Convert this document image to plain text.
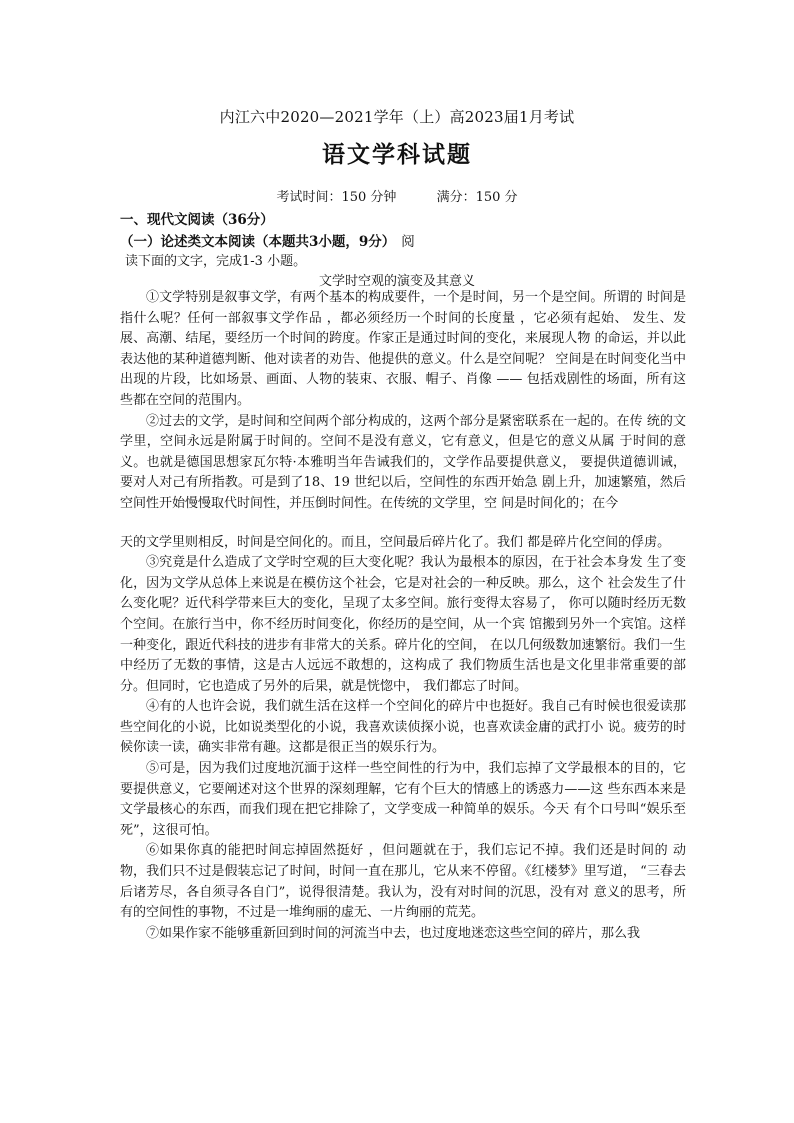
内江六中2020—2021学年（上）高2023届1月考试
语文学科试题
考试时间：150 分钟	满分：150 分
一、现代文阅读（36分）
（一）论述类文本阅读（本题共3小题，9分） 阅
读下面的文字，完成1-3 小题。
文学时空观的演变及其意义

①文学特别是叙事文学，有两个基本的构成要件，一个是时间，另一个是空间。所谓的 时间是指什么呢？任何一部叙事文学作品 ，都必须经历一个时间的长度量 ，它必须有起始、 发生、发展、高潮、结尾，要经历一个时间的跨度。作家正是通过时间的变化，来展现人物 的命运，并以此表达他的某种道德判断、他对读者的劝告、他提供的意义。什么是空间呢？ 空间是在时间变化当中出现的片段，比如场景、画面、人物的装束、衣服、帽子、肖像 —— 包括戏剧性的场面，所有这些都在空间的范围内。

②过去的文学，是时间和空间两个部分构成的，这两个部分是紧密联系在一起的。在传 统的文学里，空间永远是附属于时间的。空间不是没有意义，它有意义，但是它的意义从属 于时间的意义。也就是德国思想家瓦尔特·本雅明当年告诫我们的，文学作品要提供意义， 要提供道德训诫，要对人对己有所指教。可是到了18、19 世纪以后，空间性的东西开始急 剧上升，加速繁殖，然后空间性开始慢慢取代时间性，并压倒时间性。在传统的文学里，空 间是时间化的；在今

天的文学里则相反，时间是空间化的。而且，空间最后碎片化了。我们 都是碎片化空间的俘虏。

③究竟是什么造成了文学时空观的巨大变化呢？我认为最根本的原因，在于社会本身发 生了变化，因为文学从总体上来说是在模仿这个社会，它是对社会的一种反映。那么，这个 社会发生了什么变化呢？近代科学带来巨大的变化，呈现了太多空间。旅行变得太容易了， 你可以随时经历无数个空间。在旅行当中，你不经历时间变化，你经历的是空间，从一个宾 馆搬到另外一个宾馆。这样一种变化，跟近代科技的进步有非常大的关系。碎片化的空间， 在以几何级数加速繁衍。我们一生中经历了无数的事情，这是古人远远不敢想的，这构成了 我们物质生活也是文化里非常重要的部分。但同时，它也造成了另外的后果，就是恍惚中， 我们都忘了时间。

④有的人也许会说，我们就生活在这样一个空间化的碎片中也挺好。我自己有时候也很爱读那些空间化的小说，比如说类型化的小说，我喜欢读侦探小说，也喜欢读金庸的武打小 说。疲劳的时候你读一读，确实非常有趣。这都是很正当的娱乐行为。

⑤可是，因为我们过度地沉湎于这样一些空间性的行为中，我们忘掉了文学最根本的目的，它要提供意义，它要阐述对这个世界的深刻理解，它有个巨大的情感上的诱惑力——这 些东西本来是文学最核心的东西，而我们现在把它排除了，文学变成一种简单的娱乐。今天 有个口号叫“娱乐至死”，这很可怕。

⑥如果你真的能把时间忘掉固然挺好 ，但问题就在于，我们忘记不掉。我们还是时间的 动物，我们只不过是假装忘记了时间，时间一直在那儿，它从来不停留。《红楼梦》里写道， “三春去后诸芳尽，各自须寻各自门”，说得很清楚。我认为，没有对时间的沉思，没有对 意义的思考，所有的空间性的事物，不过是一堆绚丽的虚无、一片绚丽的荒芜。

⑦如果作家不能够重新回到时间的河流当中去，也过度地迷恋这些空间的碎片，那么我
